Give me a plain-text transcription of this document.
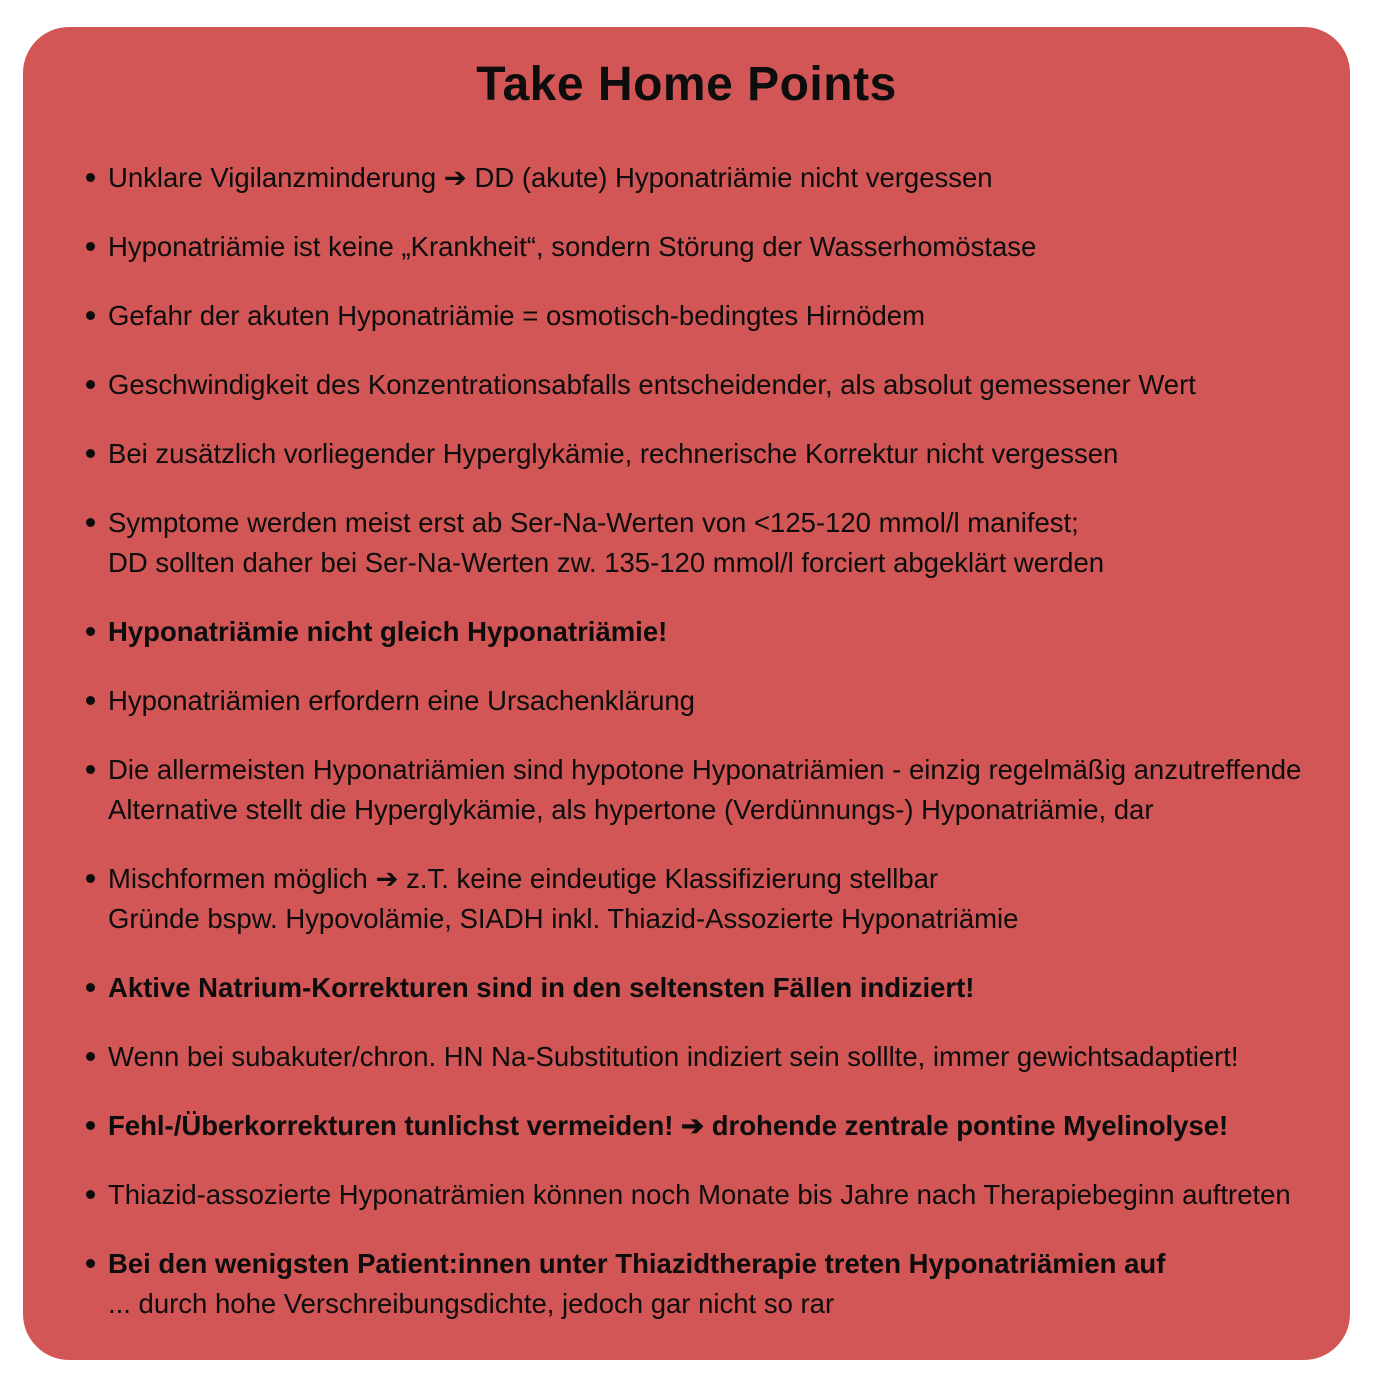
Take Home Points
Unklare Vigilanzminderung ➔ DD (akute) Hyponatriämie nicht vergessen
Hyponatriämie ist keine „Krankheit“, sondern Störung der Wasserhomöstase
Gefahr der akuten Hyponatriämie = osmotisch-bedingtes Hirnödem
Geschwindigkeit des Konzentrationsabfalls entscheidender, als absolut gemessener Wert
Bei zusätzlich vorliegender Hyperglykämie, rechnerische Korrektur nicht vergessen
Symptome werden meist erst ab Ser-Na-Werten von <125-120 mmol/l manifest;
DD sollten daher bei Ser-Na-Werten zw. 135-120 mmol/l forciert abgeklärt werden
Hyponatriämie nicht gleich Hyponatriämie!
Hyponatriämien erfordern eine Ursachenklärung
Die allermeisten Hyponatriämien sind hypotone Hyponatriämien - einzig regelmäßig anzutreffende
Alternative stellt die Hyperglykämie, als hypertone (Verdünnungs-) Hyponatriämie, dar
Mischformen möglich ➔ z.T. keine eindeutige Klassifizierung stellbar
Gründe bspw. Hypovolämie, SIADH inkl. Thiazid-Assozierte Hyponatriämie
Aktive Natrium-Korrekturen sind in den seltensten Fällen indiziert!
Wenn bei subakuter/chron. HN Na-Substitution indiziert sein solllte, immer gewichtsadaptiert!
Fehl-/Überkorrekturen tunlichst vermeiden! ➔ drohende zentrale pontine Myelinolyse!
Thiazid-assozierte Hyponaträmien können noch Monate bis Jahre nach Therapiebeginn auftreten
Bei den wenigsten Patient:innen unter Thiazidtherapie treten Hyponatriämien auf
... durch hohe Verschreibungsdichte, jedoch gar nicht so rar
